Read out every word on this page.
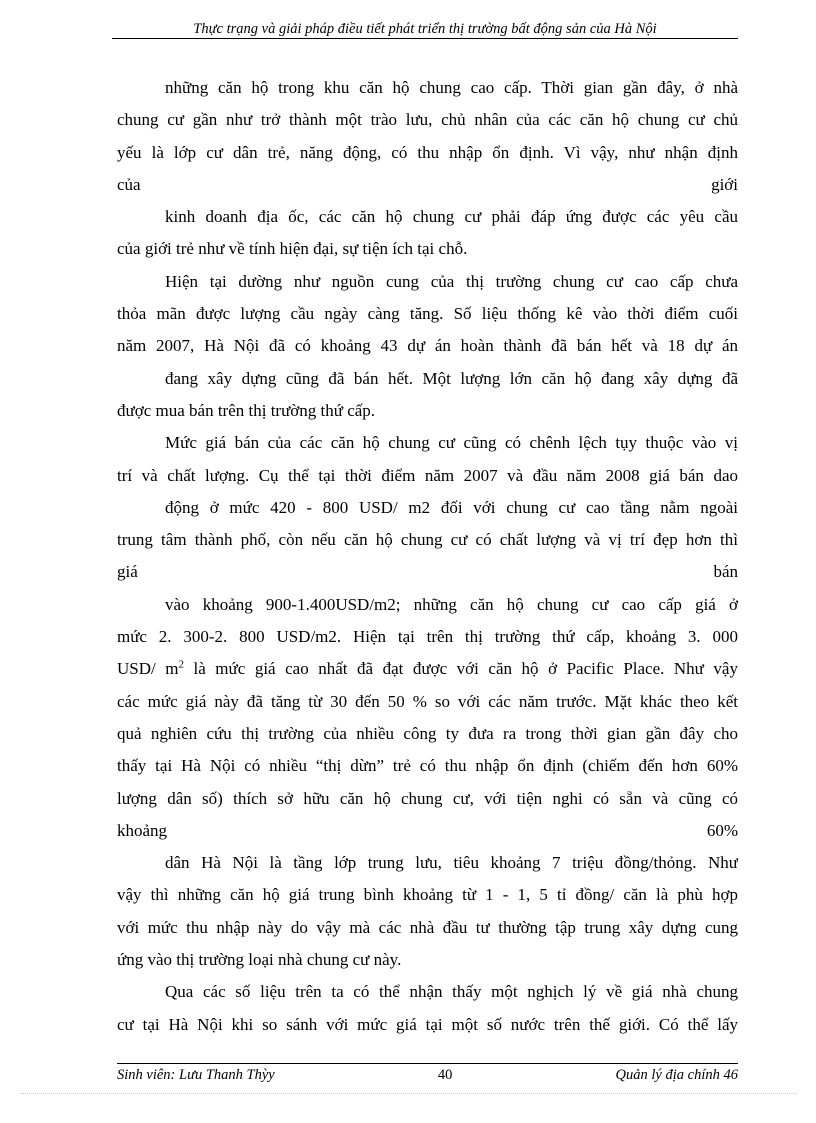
Thực trạng và giải pháp điều tiết phát triển thị trường bất động sản của Hà Nội
những căn hộ trong khu căn hộ chung cao cấp. Thời gian gần đây, ở nhà
chung cư gần như trở thành một trào lưu, chủ nhân của các căn hộ chung cư chủ
yếu là lớp cư dân trẻ, năng động, có thu nhập ổn định. Vì vậy, như nhận định
của	giới
kinh doanh địa ốc, các căn hộ chung cư phải đáp ứng được các yêu cầu
của giới trẻ như về tính hiện đại, sự tiện ích tại chỗ.
Hiện tại dường như nguồn cung của thị trường chung cư cao cấp chưa
thỏa mãn được lượng cầu ngày càng tăng. Số liệu thống kê vào thời điểm cuối
năm 2007, Hà Nội đã có khoảng 43 dự án hoàn thành đã bán hết và 18 dự án
đang xây dựng cũng đã bán hết. Một lượng lớn căn hộ đang xây dựng đã
được mua bán trên thị trường thứ cấp.
Mức giá bán của các căn hộ chung cư cũng có chênh lệch tụy thuộc vào vị
trí và chất lượng. Cụ thể tại thời điểm năm 2007 và đầu năm 2008 giá bán dao
động ở mức 420 - 800 USD/ m2 đối với chung cư cao tầng nằm ngoài
trung tâm thành phố, còn nếu căn hộ chung cư có chất lượng và vị trí đẹp hơn thì
giá	bán
vào khoảng 900-1.400USD/m2; những căn hộ chung cư cao cấp giá ở
mức 2. 300-2. 800 USD/m2. Hiện tại trên thị trường thứ cấp, khoảng 3. 000
USD/ $m^2$ là mức giá cao nhất đã đạt được với căn hộ ở Pacific Place. Như vậy
các mức giá này đã tăng từ 30 đến 50 % so với các năm trước. Mặt khác theo kết
quả nghiên cứu thị trường của nhiều công ty đưa ra trong thời gian gần đây cho
thấy tại Hà Nội có nhiều “thị dừn” trẻ có thu nhập ổn định (chiếm đến hơn 60%
lượng dân số) thích sở hữu căn hộ chung cư, với tiện nghi có sẵn và cũng có
khoảng	60%
dân Hà Nội là tầng lớp trung lưu, tiêu khoảng 7 triệu đồng/thỏng. Như
vậy thì những căn hộ giá trung bình khoảng từ 1 - 1, 5 tỉ đồng/ căn là phù hợp
với mức thu nhập này do vậy mà các nhà đầu tư thường tập trung xây dựng cung
ứng vào thị trường loại nhà chung cư này.
Qua các số liệu trên ta có thể nhận thấy một nghịch lý về giá nhà chung
cư tại Hà Nội khi so sánh với mức giá tại một số nước trên thế giới. Có thể lấy
Sinh viên: Lưu Thanh Thỳy	40	Quản lý địa chính 46
